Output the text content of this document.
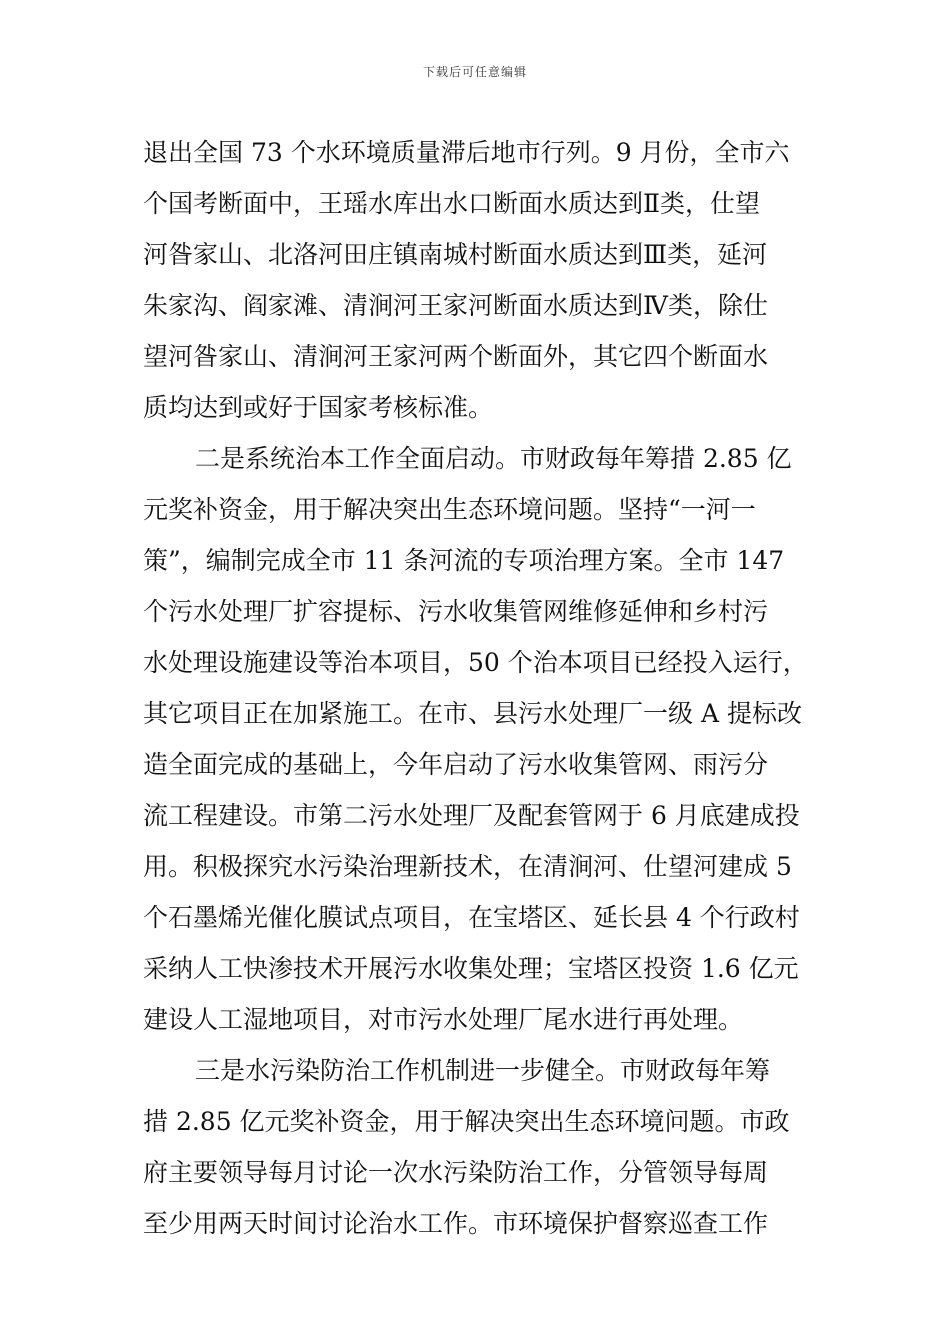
下载后可任意编辑
退出全国 73 个水环境质量滞后地市行列。9 月份，全市六
个国考断面中，王瑶水库出水口断面水质达到Ⅱ类，仕望
河昝家山、北洛河田庄镇南城村断面水质达到Ⅲ类，延河
朱家沟、阎家滩、清涧河王家河断面水质达到Ⅳ类，除仕
望河昝家山、清涧河王家河两个断面外，其它四个断面水
质均达到或好于国家考核标准。
二是系统治本工作全面启动。市财政每年筹措 2.85 亿
元奖补资金，用于解决突出生态环境问题。坚持“一河一
策”，编制完成全市 11 条河流的专项治理方案。全市 147
个污水处理厂扩容提标、污水收集管网维修延伸和乡村污
水处理设施建设等治本项目，50 个治本项目已经投入运行，
其它项目正在加紧施工。在市、县污水处理厂一级 A 提标改
造全面完成的基础上，今年启动了污水收集管网、雨污分
流工程建设。市第二污水处理厂及配套管网于 6 月底建成投
用。积极探究水污染治理新技术，在清涧河、仕望河建成 5
个石墨烯光催化膜试点项目，在宝塔区、延长县 4 个行政村
采纳人工快渗技术开展污水收集处理；宝塔区投资 1.6 亿元
建设人工湿地项目，对市污水处理厂尾水进行再处理。
三是水污染防治工作机制进一步健全。市财政每年筹
措 2.85 亿元奖补资金，用于解决突出生态环境问题。市政
府主要领导每月讨论一次水污染防治工作，分管领导每周
至少用两天时间讨论治水工作。市环境保护督察巡查工作
